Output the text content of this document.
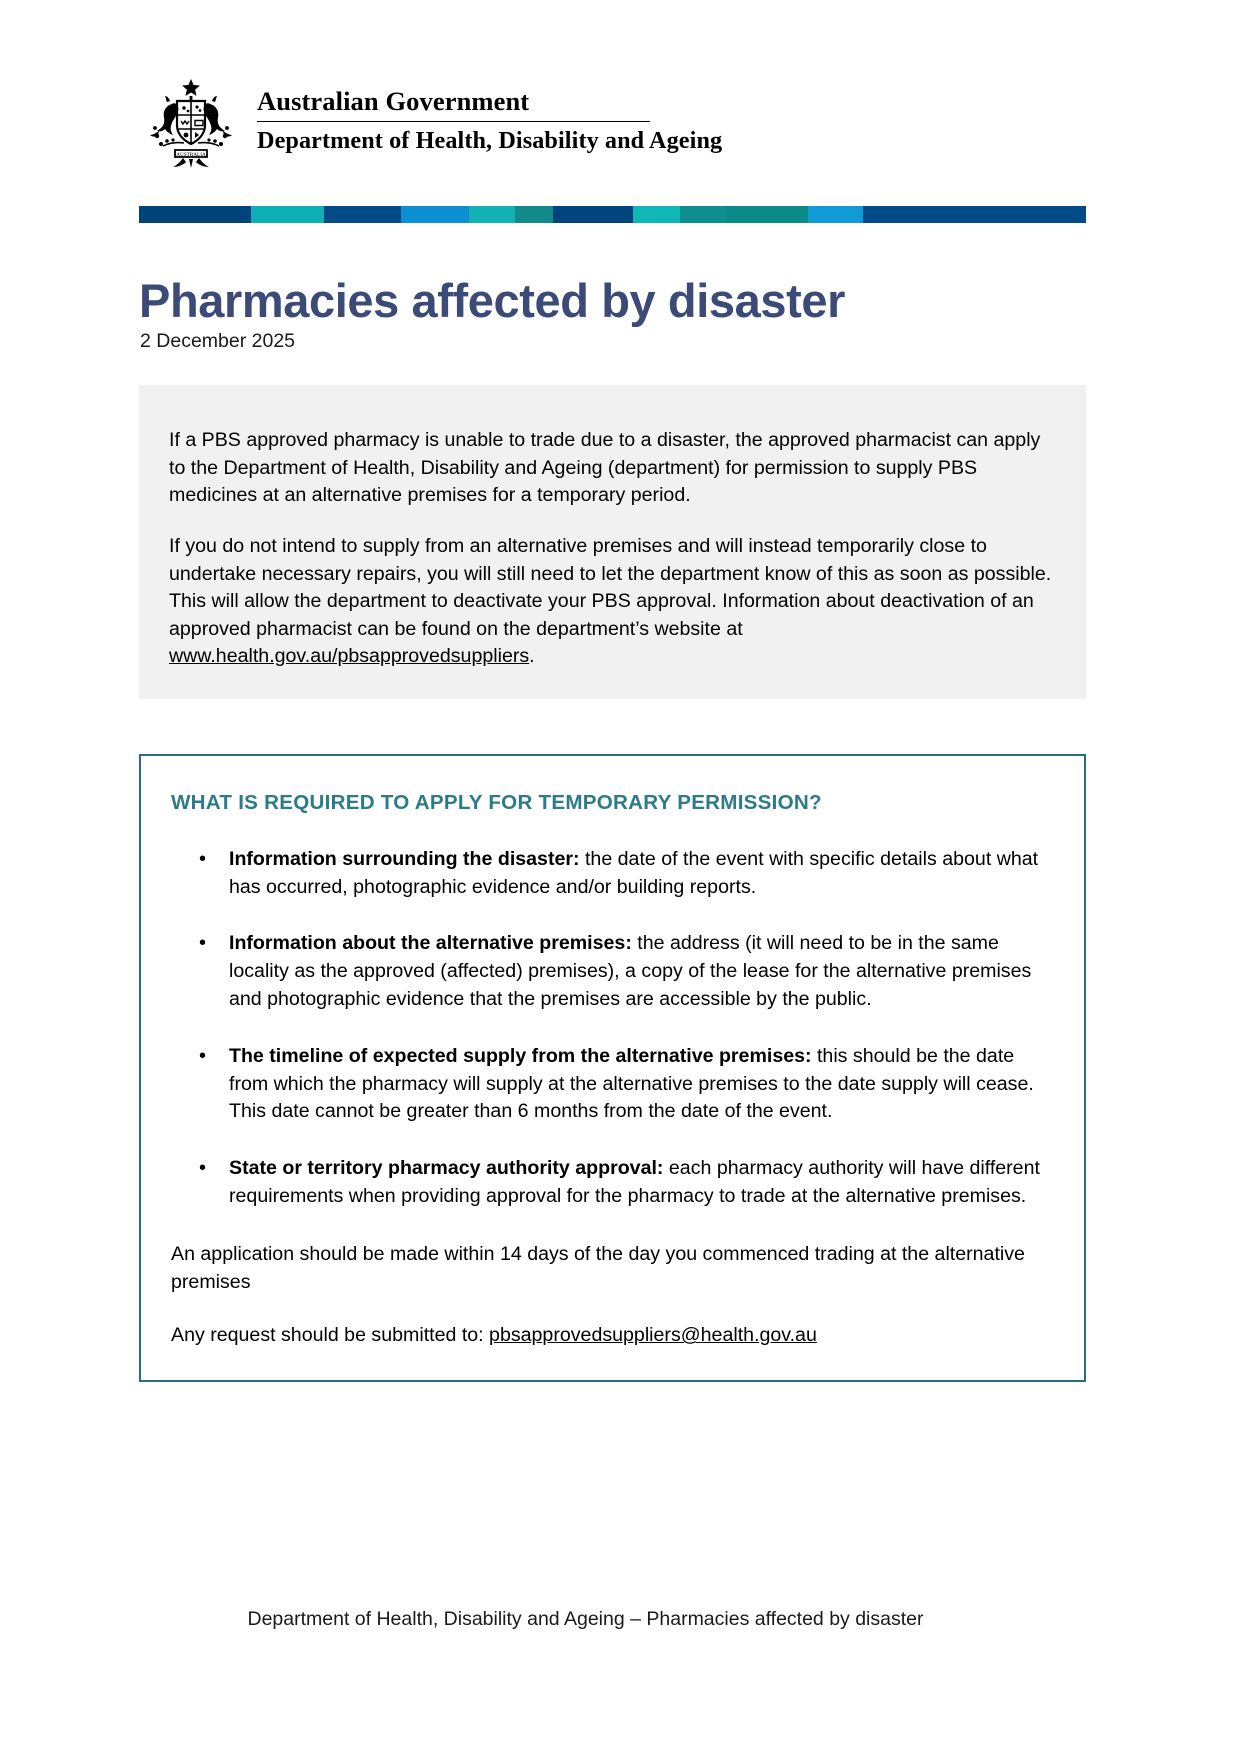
AUSTRALIA
Australian Government
Department of Health, Disability and Ageing
Pharmacies affected by disaster
2 December 2025

If a PBS approved pharmacy is unable to trade due to a disaster, the approved pharmacist can apply to the Department of Health, Disability and Ageing (department) for permission to supply PBS medicines at an alternative premises for a temporary period.

If you do not intend to supply from an alternative premises and will instead temporarily close to undertake necessary repairs, you will still need to let the department know of this as soon as possible. This will allow the department to deactivate your PBS approval. Information about deactivation of an approved pharmacist can be found on the department’s website at www.health.gov.au/pbsapprovedsuppliers.

WHAT IS REQUIRED TO APPLY FOR TEMPORARY PERMISSION?
• Information surrounding the disaster: the date of the event with specific details about what has occurred, photographic evidence and/or building reports.
• Information about the alternative premises: the address (it will need to be in the same locality as the approved (affected) premises), a copy of the lease for the alternative premises and photographic evidence that the premises are accessible by the public.
• The timeline of expected supply from the alternative premises: this should be the date from which the pharmacy will supply at the alternative premises to the date supply will cease. This date cannot be greater than 6 months from the date of the event.
• State or territory pharmacy authority approval: each pharmacy authority will have different requirements when providing approval for the pharmacy to trade at the alternative premises.

An application should be made within 14 days of the day you commenced trading at the alternative premises

Any request should be submitted to: pbsapprovedsuppliers@health.gov.au

Department of Health, Disability and Ageing – Pharmacies affected by disaster
